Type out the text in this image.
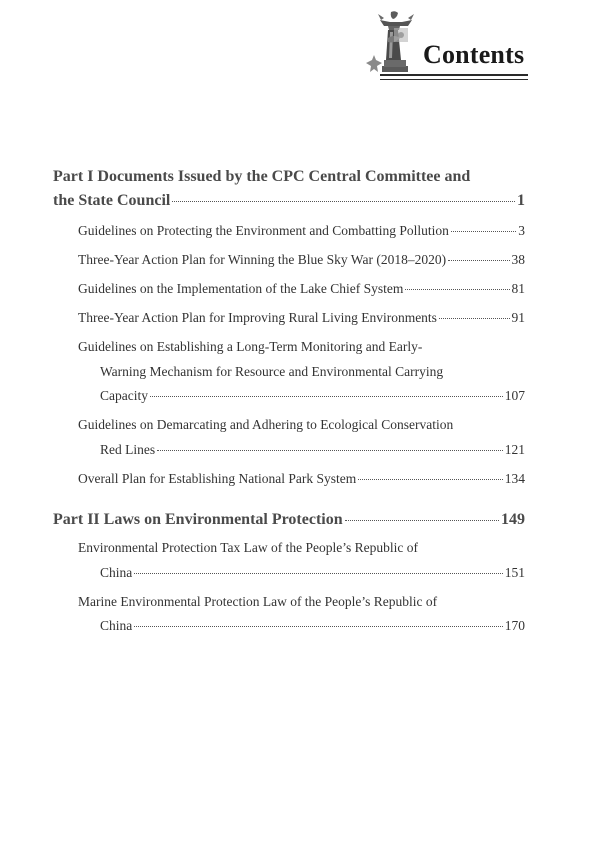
Contents
Part I Documents Issued by the CPC Central Committee and
the State Council	1
Guidelines on Protecting the Environment and Combatting Pollution	3
Three-Year Action Plan for Winning the Blue Sky War (2018–2020)	38
Guidelines on the Implementation of the Lake Chief System	81
Three-Year Action Plan for Improving Rural Living Environments	91
Guidelines on Establishing a Long-Term Monitoring and Early-
Warning Mechanism for Resource and Environmental Carrying
Capacity	107
Guidelines on Demarcating and Adhering to Ecological Conservation
Red Lines	121
Overall Plan for Establishing National Park System	134
Part II Laws on Environmental Protection	149
Environmental Protection Tax Law of the People’s Republic of
China	151
Marine Environmental Protection Law of the People’s Republic of
China	170
